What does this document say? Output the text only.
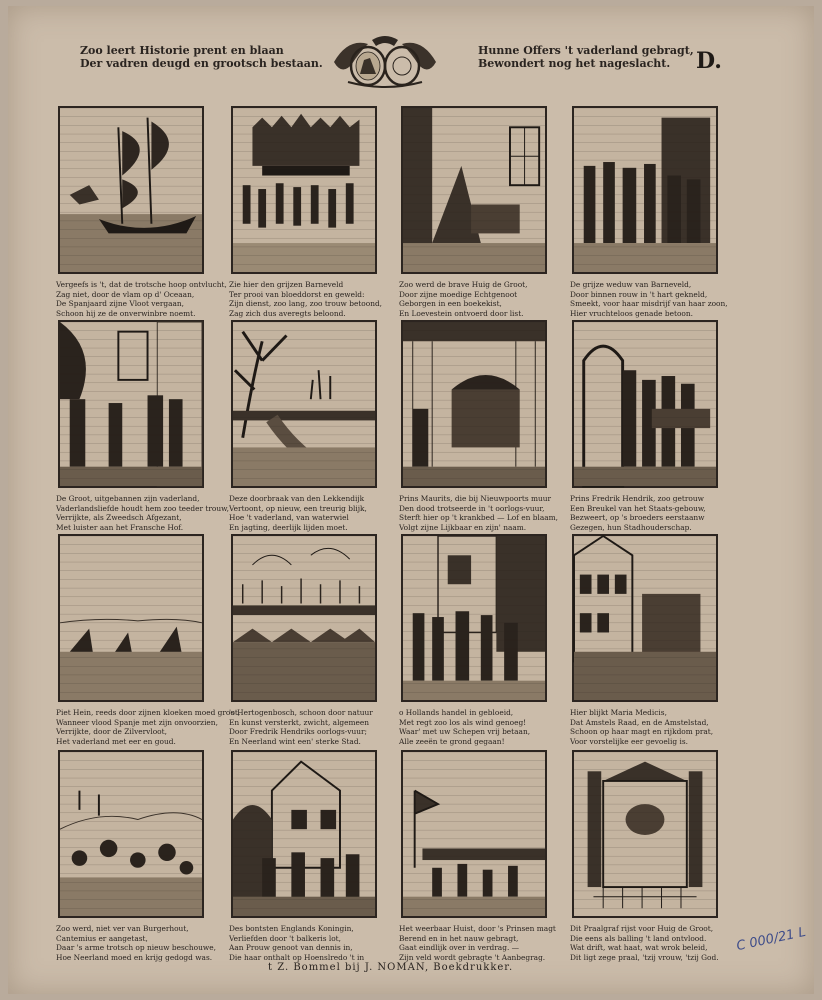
Zoo leert Historie prent en blaan
Der vadren deugd en grootsch bestaan.
Hunne Offers 't vaderland gebragt,
Bewondert nog het nageslacht.	D.
Vergeefs is 't, dat de trotsche hoop ontvlucht,
Zag niet, door de vlam op d' Oceaan,
De Spanjaard zijne Vloot vergaan,
Schoon hij ze de onverwinbre noemt.
Zie hier den grijzen Barneveld
Ter prooi van bloeddorst en geweld:
Zijn dienst, zoo lang, zoo trouw betoond,
Zag zich dus averegts beloond.
Zoo werd de brave Huig de Groot,
Door zijne moedige Echtgenoot
Geborgen in een boekekist,
En Loevestein ontvoerd door list.
De grijze weduw van Barneveld,
Door binnen rouw in 't hart gekneld,
Smeekt, voor haar misdrijf van haar zoon,
Hier vruchteloos genade betoon.
De Groot, uitgebannen zijn vaderland,
Vaderlandsliefde houdt hem zoo teeder trouw,
Verrijkte, als Zweedsch Afgezant,
Met luister aan het Fransche Hof.
Deze doorbraak van den Lekkendijk
Vertoont, op nieuw, een treurig blijk,
Hoe 't vaderland, van waterwiel
En jagting, deerlijk lijden moet.
Prins Maurits, die bij Nieuwpoorts muur
Den dood trotseerde in 't oorlogs-vuur,
Sterft hier op 't krankbed — Lof en blaam,
Volgt zijne Lijkbaar en zijn' naam.
Prins Fredrik Hendrik, zoo getrouw
Een Breukel van het Staats-gebouw,
Bezweert, op 's broeders eerstaanw
Gezegen, hun Stadhouderschap.
Piet Hein, reeds door zijnen kloeken moed groot,
Wanneer vlood Spanje met zijn onvoorzien,
Verrijkte, door de Zilvervloot,
Het vaderland met eer en goud.
's Hertogenbosch, schoon door natuur
En kunst versterkt, zwicht, algemeen
Door Fredrik Hendriks oorlogs-vuur;
En Neerland wint een' sterke Stad.
o Hollands handel in gebloeid,
Met regt zoo los als wind genoeg!
Waar' met uw Schepen vrij betaan,
Alle zeeën te grond gegaan!
Hier blijkt Maria Medicis,
Dat Amstels Raad, en de Amstelstad,
Schoon op haar magt en rijkdom prat,
Voor vorstelijke eer gevoelig is.
Zoo werd, niet ver van Burgerhout,
Cantemius er aangetast,
Daar 's arme trotsch op nieuw beschouwe,
Hoe Neerland moed en krijg gedogd was.
Des bontsten Englands Koningin,
Verliefden door 't balkeris lot,
Aan Prouw genoot van dennis in,
Die haar onthalt op Hoenslredo 't in
Het weerbaar Huist, door 's Prinsen magt
Berend en in het nauw gebragt,
Gaat eindlijk over in verdrag. —
Zijn veld wordt gebragte 't Aanbegrag.
Dit Praalgraf rijst voor Huig de Groot,
Die eens als balling 't land ontvlood.
Wat drift, wat haat, wat wrok beleid,
Dit ligt zege praal, 'tzij vrouw, 'tzij God.
t Z. Bommel bij J. NOMAN, Boekdrukker.
C 000/21 L
